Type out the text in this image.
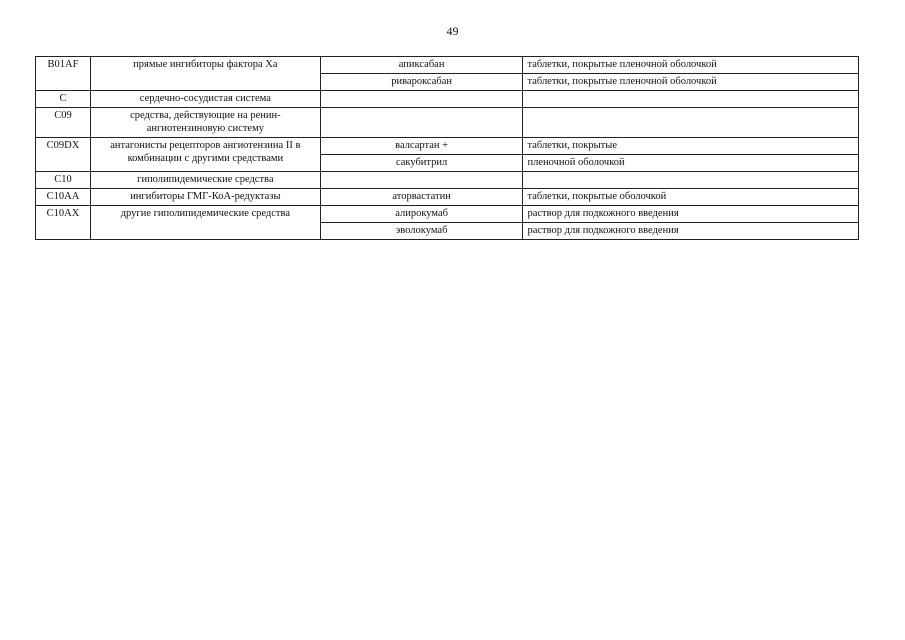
49
B01AF	прямые ингибиторы фактора Ха	апиксабан	таблетки, покрытые пленочной оболочкой
		ривароксабан	таблетки, покрытые пленочной оболочкой
C	сердечно-сосудистая система		
C09	средства, действующие на ренин-ангиотензиновую систему		
C09DX	антагонисты рецепторов ангиотензина II в комбинации с другими средствами	валсартан +	таблетки, покрытые
		сакубитрил	пленочной оболочкой
C10	гиполипидемические средства		
C10AA	ингибиторы ГМГ-КоА-редуктазы	аторвастатин	таблетки, покрытые оболочкой
C10AX	другие гиполипидемические средства	алирокумаб	раствор для подкожного введения
		эволокумаб	раствор для подкожного введения
